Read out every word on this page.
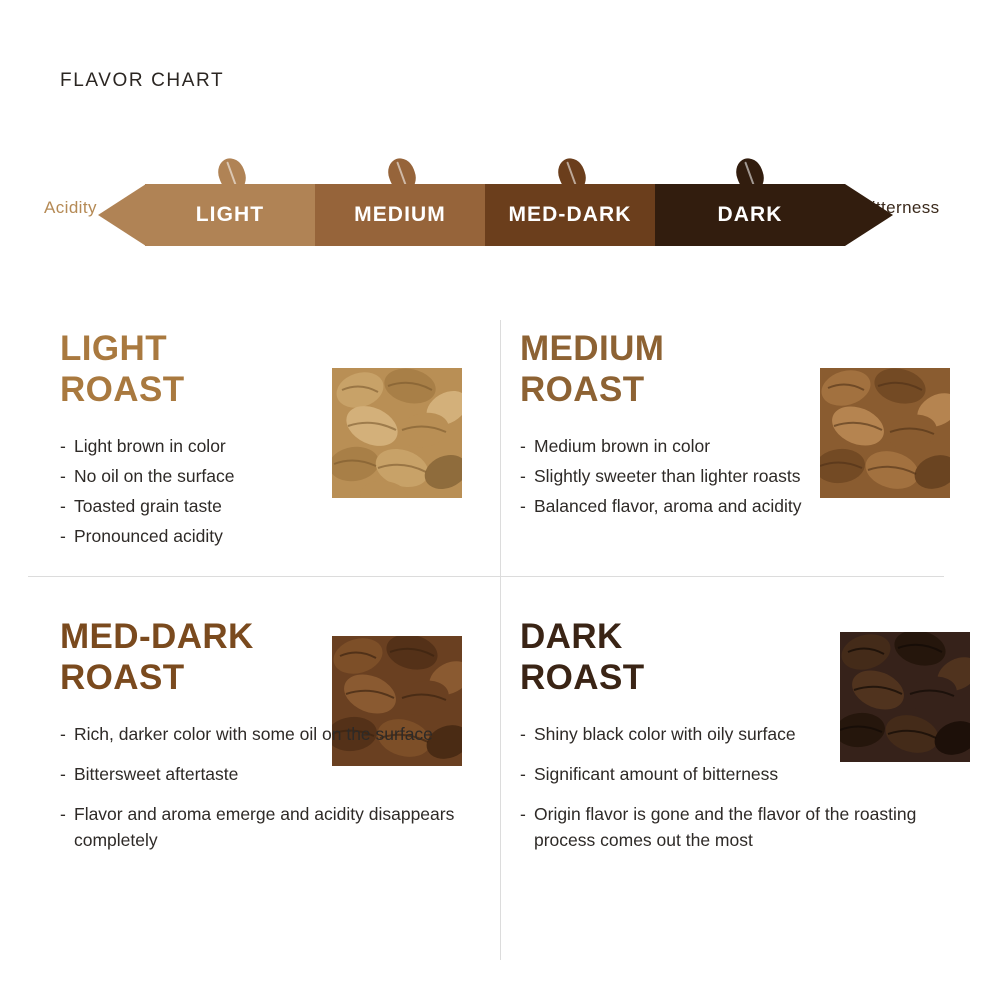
FLAVOR CHART
Acidity	Bitterness
LIGHT	MEDIUM	MED-DARK	DARK
LIGHT
ROAST
- Light brown in color
- No oil on the surface
- Toasted grain taste
- Pronounced acidity
MEDIUM
ROAST
- Medium brown in color
- Slightly sweeter than lighter roasts
- Balanced flavor, aroma and acidity
MED-DARK
ROAST
- Rich, darker color with some oil on the surface
- Bittersweet aftertaste
- Flavor and aroma emerge and acidity disappears completely
DARK
ROAST
- Shiny black color with oily surface
- Significant amount of bitterness
- Origin flavor is gone and the flavor of the roasting process comes out the most
